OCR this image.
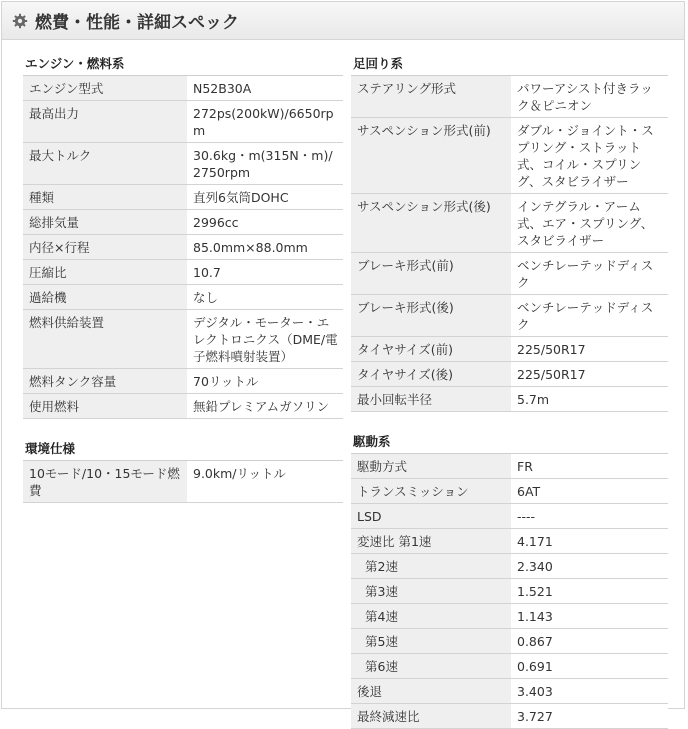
燃費・性能・詳細スペック
エンジン・燃料系
エンジン型式	N52B30A
最高出力	272ps(200kW)/6650rpm
最大トルク	30.6kg・m(315N・m)/2750rpm
種類	直列6気筒DOHC
総排気量	2996cc
内径×行程	85.0mm×88.0mm
圧縮比	10.7
過給機	なし
燃料供給装置	デジタル・モーター・エレクトロニクス（DME/電子燃料噴射装置）
燃料タンク容量	70リットル
使用燃料	無鉛プレミアムガソリン
環境仕様
10モード/10・15モード燃費	9.0km/リットル
足回り系
ステアリング形式	パワーアシスト付きラック＆ピニオン
サスペンション形式(前)	ダブル・ジョイント・スプリング・ストラット式、コイル・スプリング、スタビライザー
サスペンション形式(後)	インテグラル・アーム式、エア・スプリング、スタビライザー
ブレーキ形式(前)	ベンチレーテッドディスク
ブレーキ形式(後)	ベンチレーテッドディスク
タイヤサイズ(前)	225/50R17
タイヤサイズ(後)	225/50R17
最小回転半径	5.7m
駆動系
駆動方式	FR
トランスミッション	6AT
LSD	----
変速比 第1速	4.171
第2速	2.340
第3速	1.521
第4速	1.143
第5速	0.867
第6速	0.691
後退	3.403
最終減速比	3.727
